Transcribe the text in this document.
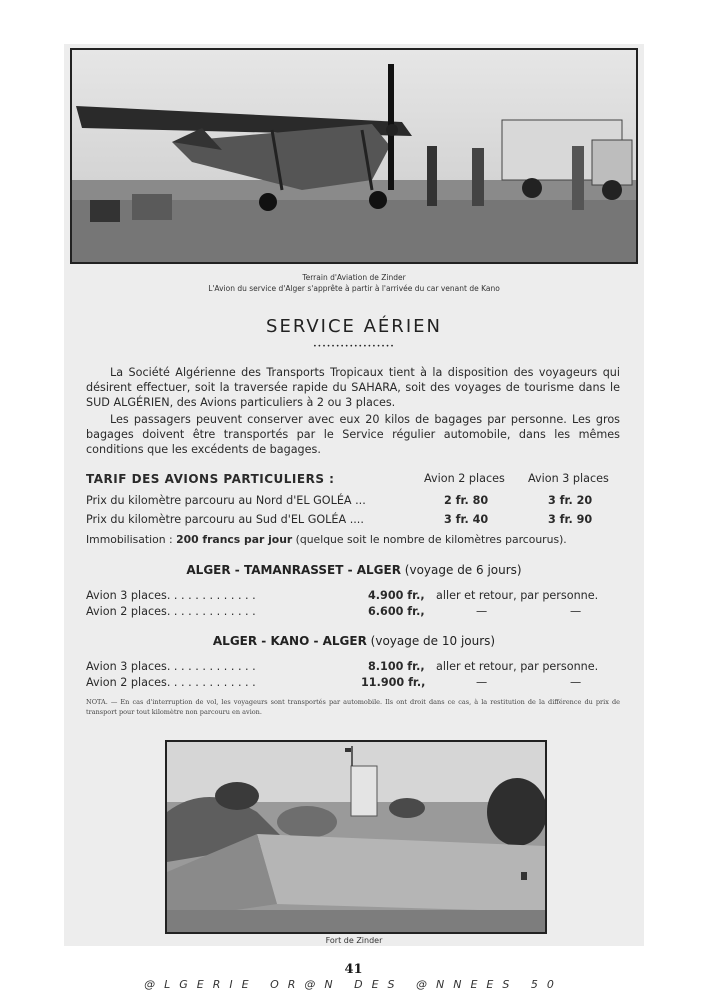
Terrain d'Aviation de Zinder
L'Avion du service d'Alger s'apprête à partir à l'arrivée du car venant de Kano
SERVICE AÉRIEN
••••••••••••••••••

La Société Algérienne des Transports Tropicaux tient à la disposition des voyageurs qui désirent effectuer, soit la traversée rapide du SAHARA, soit des voyages de tourisme dans le SUD ALGÉRIEN, des Avions particuliers à 2 ou 3 places.

Les passagers peuvent conserver avec eux 20 kilos de bagages par personne. Les gros bagages doivent être transportés par le Service régulier automobile, dans les mêmes conditions que les excédents de bagages.

TARIF DES AVIONS PARTICULIERS :	Avion 2 places Avion 3 places
Prix du kilomètre parcouru au Nord d'EL GOLÉA ...	2 fr. 80	3 fr. 20
Prix du kilomètre parcouru au Sud d'EL GOLÉA ....	3 fr. 40	3 fr. 90
Immobilisation : 200 francs par jour (quelque soit le nombre de kilomètres parcourus).
ALGER - TAMANRASSET - ALGER (voyage de 6 jours)
Avion 3 places. . . . . . . . . . . . .	4.900 fr., aller et retour, par personne.
Avion 2 places. . . . . . . . . . . . .	6.600 fr.,	—	—
ALGER - KANO - ALGER (voyage de 10 jours)
Avion 3 places. . . . . . . . . . . . .	8.100 fr., aller et retour, par personne.
Avion 2 places. . . . . . . . . . . . .	11.900 fr.,	—	—
NOTA. — En cas d'interruption de vol, les voyageurs sont transportés par automobile. Ils ont droit dans ce cas, à la restitution de la différence du prix de transport pour tout kilomètre non parcouru en avion.
Fort de Zinder
41
@LGERIE OR@N DES @NNEES 50
